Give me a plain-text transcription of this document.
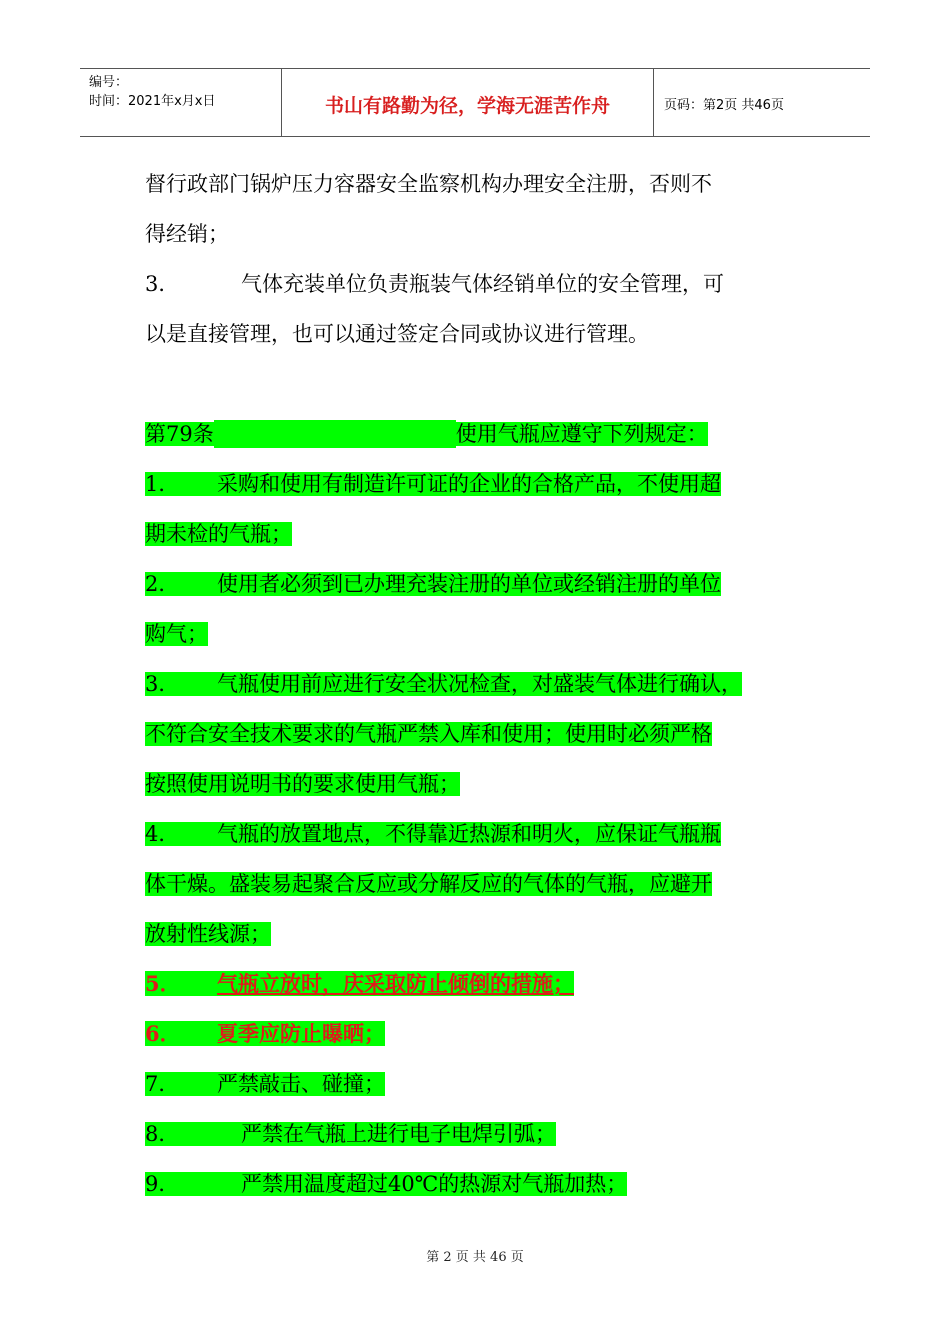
编号：
时间：2021年x月x日	书山有路勤为径，学海无涯苦作舟	页码：第2页 共46页
督行政部门锅炉压力容器安全监察机构办理安全注册，否则不
得经销；
3．	气体充装单位负责瓶装气体经销单位的安全管理，可
以是直接管理，也可以通过签定合同或协议进行管理。
第79条	使用气瓶应遵守下列规定：
1． 采购和使用有制造许可证的企业的合格产品，不使用超
期未检的气瓶；
2． 使用者必须到已办理充装注册的单位或经销注册的单位
购气；
3． 气瓶使用前应进行安全状况检查，对盛装气体进行确认，
不符合安全技术要求的气瓶严禁入库和使用；使用时必须严格
按照使用说明书的要求使用气瓶；
4． 气瓶的放置地点，不得靠近热源和明火，应保证气瓶瓶
体干燥。盛装易起聚合反应或分解反应的气体的气瓶，应避开
放射性线源；
5． 气瓶立放时，庆采取防止倾倒的措施；
6． 夏季应防止曝晒；
7． 严禁敲击、碰撞；
8．	严禁在气瓶上进行电子电焊引弧；
9．	严禁用温度超过40℃的热源对气瓶加热；
第 2 页 共 46 页
